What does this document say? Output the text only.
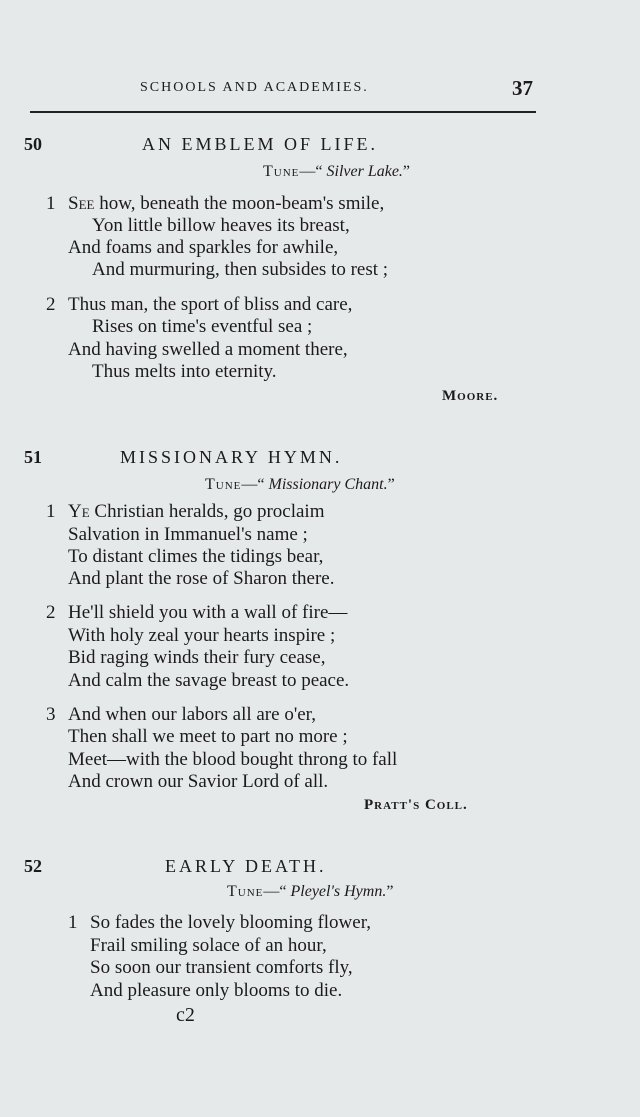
SCHOOLS AND ACADEMIES.	37
50	AN EMBLEM OF LIFE.
Tune—“ Silver Lake.”
1 See how, beneath the moon-beam's smile,
Yon little billow heaves its breast,
And foams and sparkles for awhile,
And murmuring, then subsides to rest ;
2 Thus man, the sport of bliss and care,
Rises on time's eventful sea ;
And having swelled a moment there,
Thus melts into eternity.
Moore.
51	MISSIONARY HYMN.
Tune—“ Missionary Chant.”
1 Ye Christian heralds, go proclaim
Salvation in Immanuel's name ;
To distant climes the tidings bear,
And plant the rose of Sharon there.
2 He'll shield you with a wall of fire—
With holy zeal your hearts inspire ;
Bid raging winds their fury cease,
And calm the savage breast to peace.
3 And when our labors all are o'er,
Then shall we meet to part no more ;
Meet—with the blood bought throng to fall
And crown our Savior Lord of all.
Pratt's Coll.
52	EARLY DEATH.
Tune—“ Pleyel's Hymn.”
1 So fades the lovely blooming flower,
Frail smiling solace of an hour,
So soon our transient comforts fly,
And pleasure only blooms to die.
c2
